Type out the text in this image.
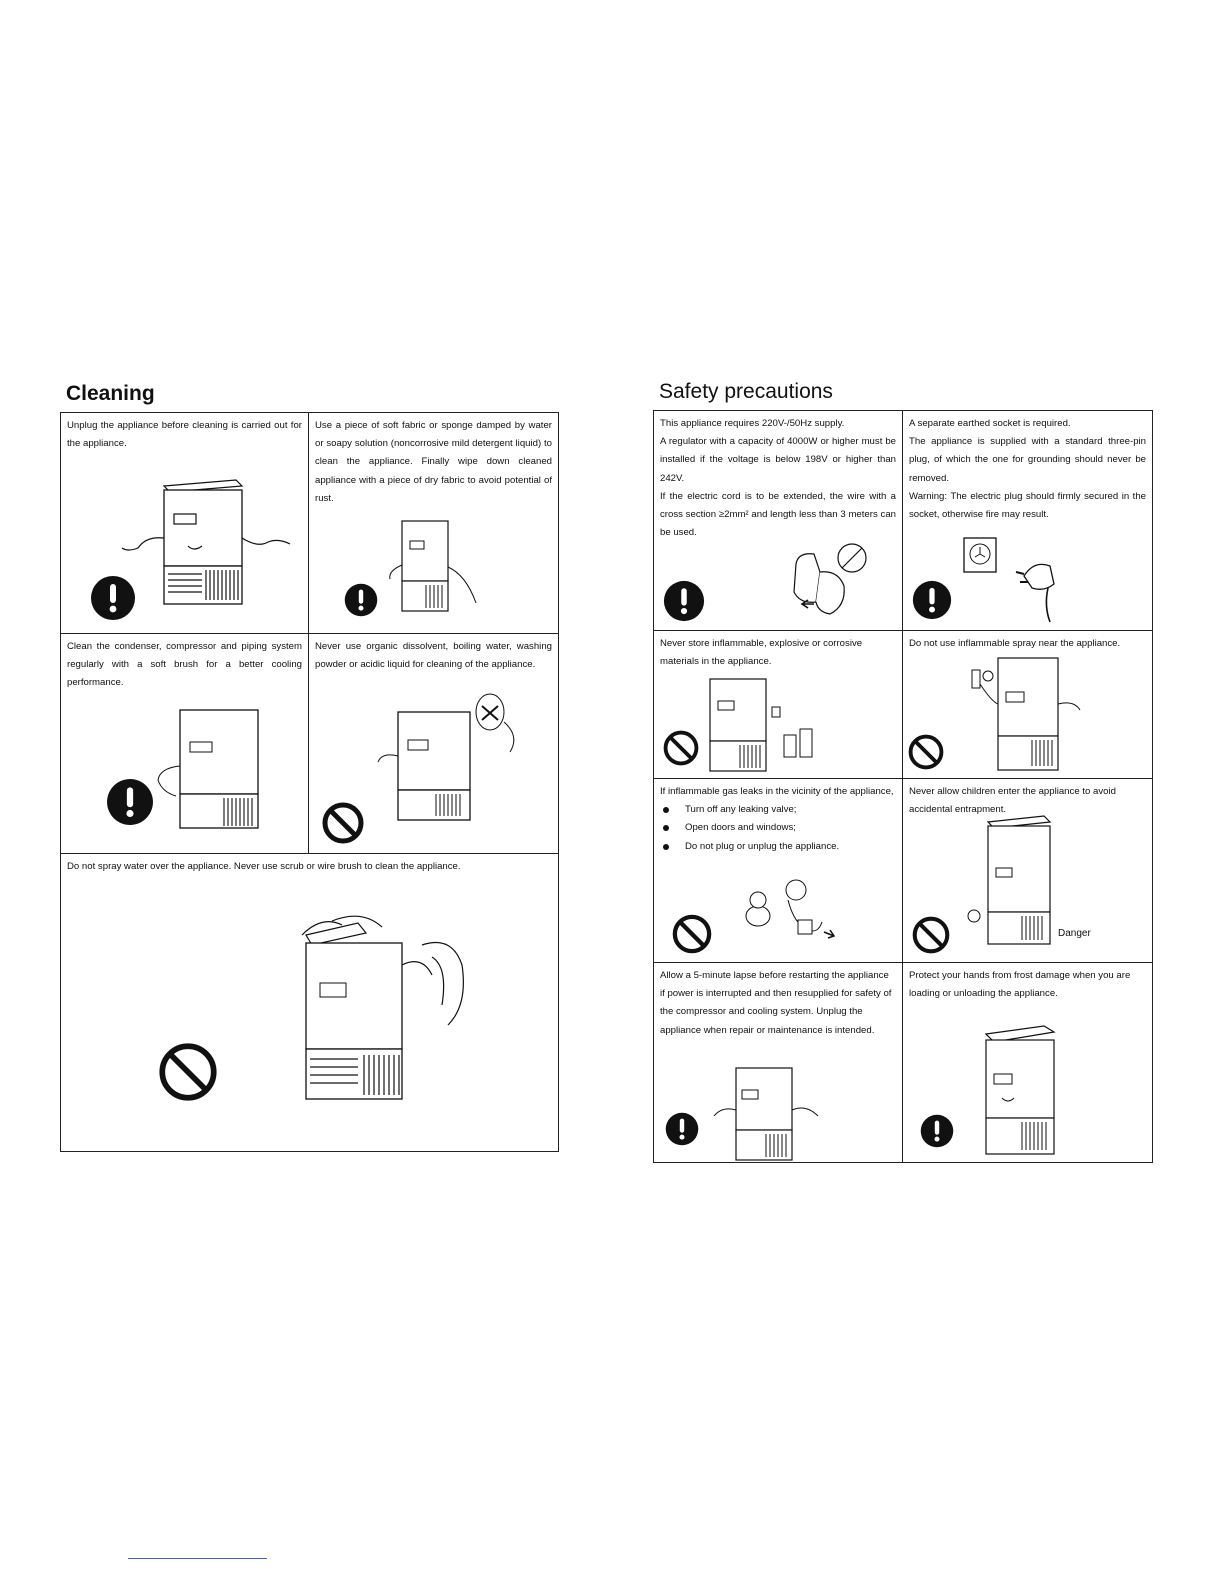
Cleaning

Unplug the appliance before cleaning is carried out for the appliance.

Use a piece of soft fabric or sponge damped by water or soapy solution (noncorrosive mild detergent liquid) to clean the appliance. Finally wipe down cleaned appliance with a piece of dry fabric to avoid potential of rust.

Clean the condenser, compressor and piping system regularly with a soft brush for a better cooling performance.

Never use organic dissolvent, boiling water, washing powder or acidic liquid for cleaning of the appliance.

Do not spray water over the appliance. Never use scrub or wire brush to clean the appliance.

Safety precautions

This appliance requires 220V-/50Hz supply.

A regulator with a capacity of 4000W or higher must be installed if the voltage is below 198V or higher than 242V.

If the electric cord is to be extended, the wire with a cross section ≥2mm² and length less than 3 meters can be used.

A separate earthed socket is required.

The appliance is supplied with a standard three-pin plug, of which the one for grounding should never be removed.

Warning: The electric plug should firmly secured in the socket, otherwise fire may result.

Never store inflammable, explosive or corrosive materials in the appliance.

Do not use inflammable spray near the appliance.

If inflammable gas leaks in the vicinity of the appliance,

Turn off any leaking valve;
Open doors and windows;
Do not plug or unplug the appliance.

Never allow children enter the appliance to avoid accidental entrapment.

Allow a 5-minute lapse before restarting the appliance if power is interrupted and then resupplied for safety of the compressor and cooling system. Unplug the appliance when repair or maintenance is intended.

Protect your hands from frost damage when you are loading or unloading the appliance.

Danger
